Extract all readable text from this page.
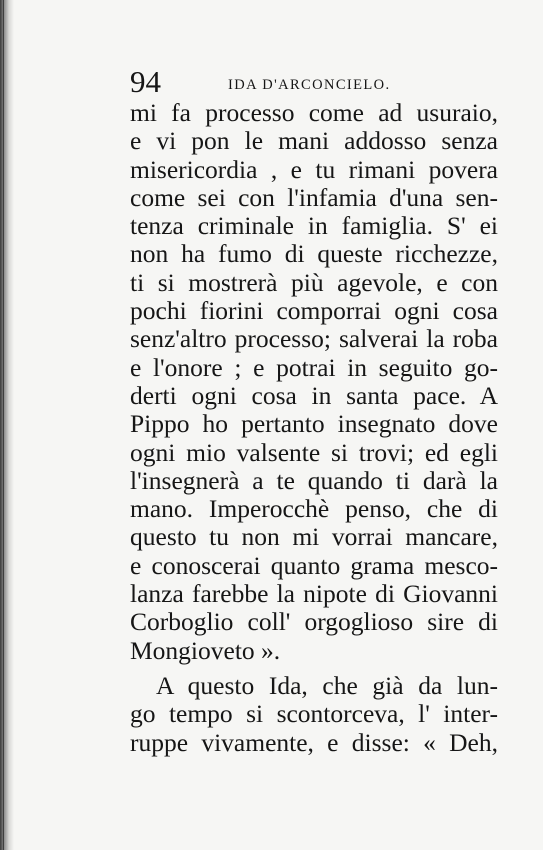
94	IDA D'ARCONCIELO.
mi fa processo come ad usuraio,
e vi pon le mani addosso senza
misericordia , e tu rimani povera
come sei con l'infamia d'una sen-
tenza criminale in famiglia. S' ei
non ha fumo di queste ricchezze,
ti si mostrerà più agevole, e con
pochi fiorini comporrai ogni cosa
senz'altro processo; salverai la roba
e l'onore ; e potrai in seguito go-
derti ogni cosa in santa pace. A
Pippo ho pertanto insegnato dove
ogni mio valsente si trovi; ed egli
l'insegnerà a te quando ti darà la
mano. Imperocchè penso, che di
questo tu non mi vorrai mancare,
e conoscerai quanto grama mesco-
lanza farebbe la nipote di Giovanni
Corboglio coll' orgoglioso sire di
Mongioveto ».
A questo Ida, che già da lun-
go tempo si scontorceva, l' inter-
ruppe vivamente, e disse: « Deh,
